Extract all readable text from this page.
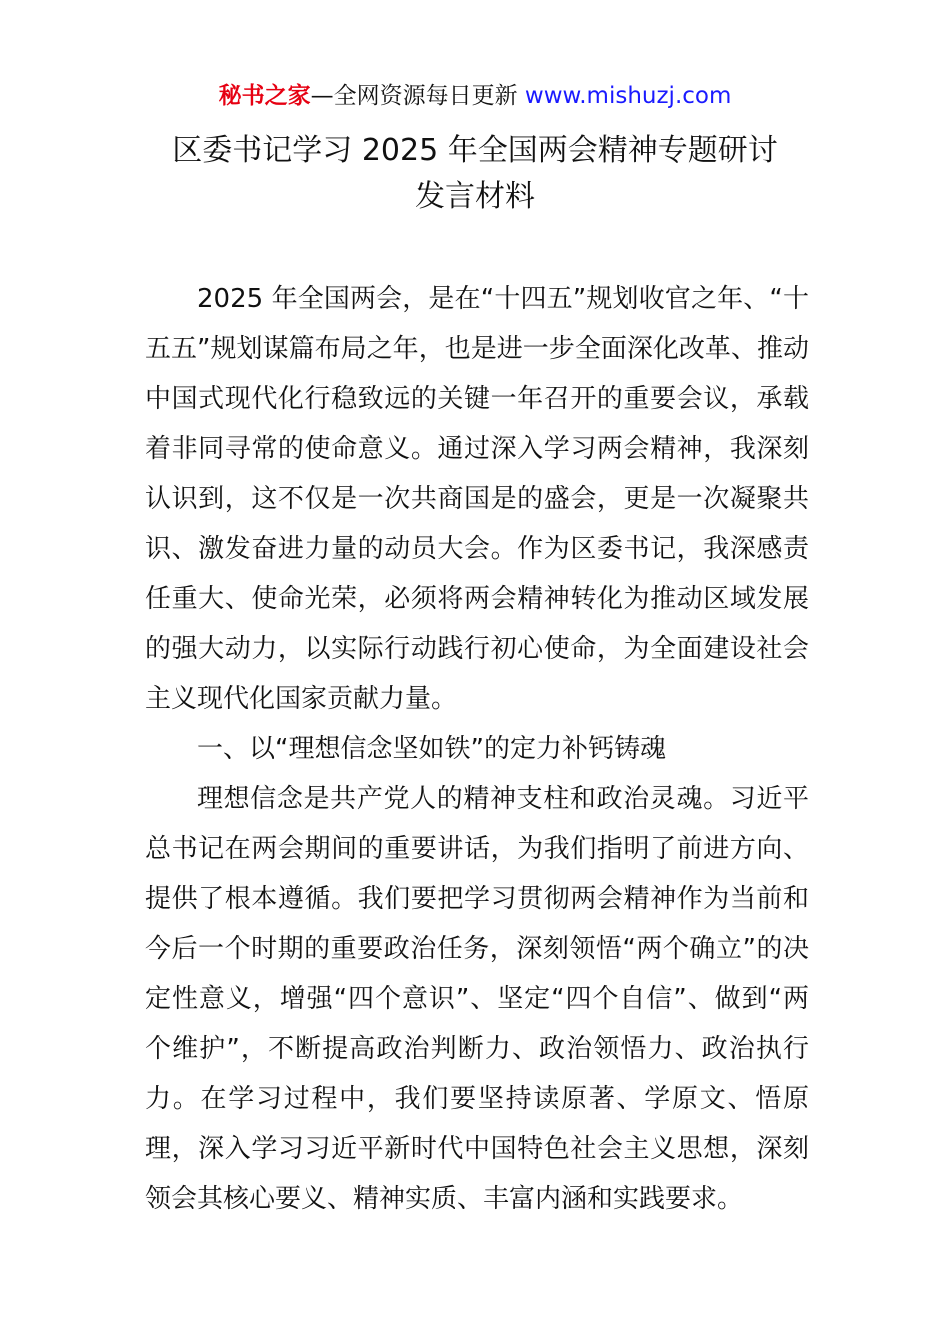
秘书之家—全网资源每日更新 www.mishuzj.com
区委书记学习 2025 年全国两会精神专题研讨
发言材料

2025 年全国两会，是在“十四五”规划收官之年、“十五五”规划谋篇布局之年，也是进一步全面深化改革、推动中国式现代化行稳致远的关键一年召开的重要会议，承载着非同寻常的使命意义。通过深入学习两会精神，我深刻认识到，这不仅是一次共商国是的盛会，更是一次凝聚共识、激发奋进力量的动员大会。作为区委书记，我深感责任重大、使命光荣，必须将两会精神转化为推动区域发展的强大动力，以实际行动践行初心使命，为全面建设社会主义现代化国家贡献力量。

一、以“理想信念坚如铁”的定力补钙铸魂

理想信念是共产党人的精神支柱和政治灵魂。习近平总书记在两会期间的重要讲话，为我们指明了前进方向、提供了根本遵循。我们要把学习贯彻两会精神作为当前和今后一个时期的重要政治任务，深刻领悟“两个确立”的决定性意义，增强“四个意识”、坚定“四个自信”、做到“两个维护”，不断提高政治判断力、政治领悟力、政治执行力。在学习过程中，我们要坚持读原著、学原文、悟原理，深入学习习近平新时代中国特色社会主义思想，深刻领会其核心要义、精神实质、丰富内涵和实践要求。
